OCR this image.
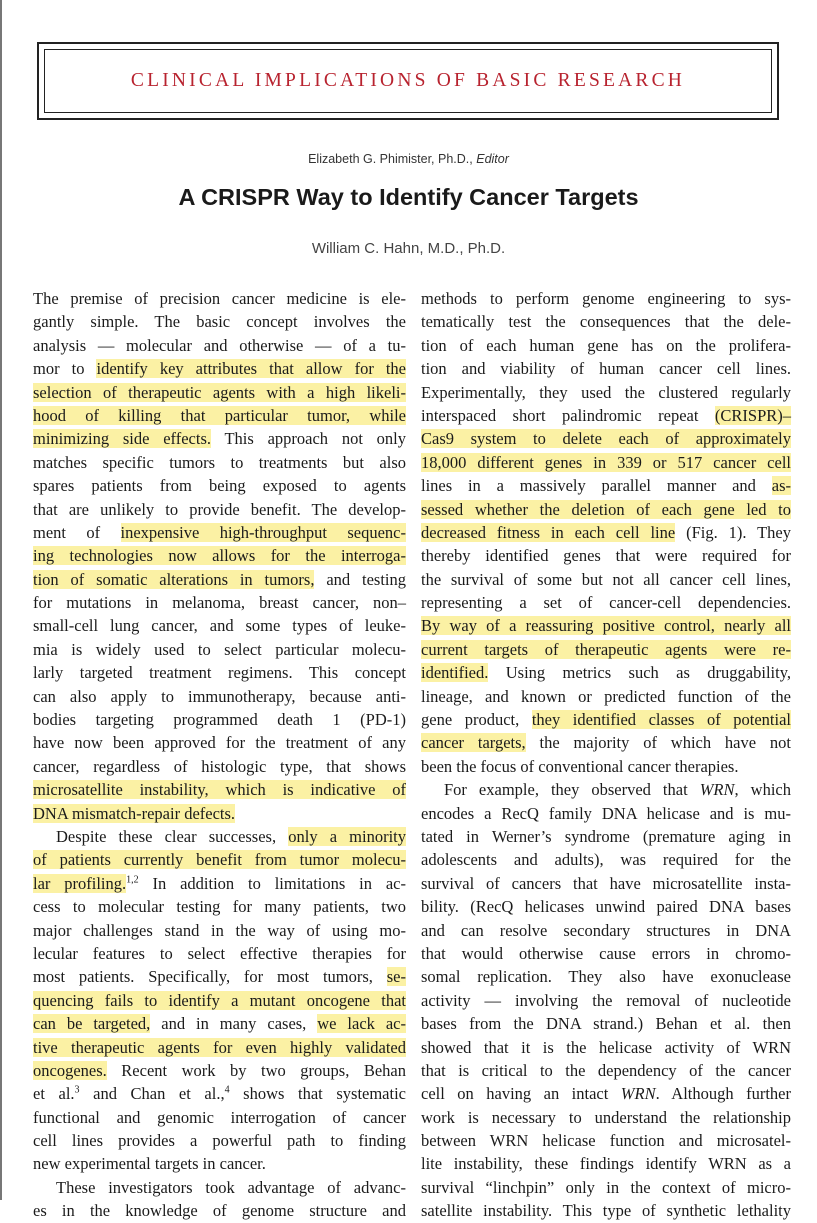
CLINICAL IMPLICATIONS OF BASIC RESEARCH
Elizabeth G. Phimister, Ph.D., Editor
A CRISPR Way to Identify Cancer Targets
William C. Hahn, M.D., Ph.D.
The premise of precision cancer medicine is ele-
gantly simple. The basic concept involves the
analysis — molecular and otherwise — of a tu-
mor to identify key attributes that allow for the
selection of therapeutic agents with a high likeli-
hood of killing that particular tumor, while
minimizing side effects. This approach not only
matches specific tumors to treatments but also
spares patients from being exposed to agents
that are unlikely to provide benefit. The develop-
ment of inexpensive high-throughput sequenc-
ing technologies now allows for the interroga-
tion of somatic alterations in tumors, and testing
for mutations in melanoma, breast cancer, non–
small-cell lung cancer, and some types of leuke-
mia is widely used to select particular molecu-
larly targeted treatment regimens. This concept
can also apply to immunotherapy, because anti-
bodies targeting programmed death 1 (PD-1)
have now been approved for the treatment of any
cancer, regardless of histologic type, that shows
microsatellite instability, which is indicative of
DNA mismatch-repair defects.
Despite these clear successes, only a minority
of patients currently benefit from tumor molecu-
lar profiling.$^{1,2}$ In addition to limitations in ac-
cess to molecular testing for many patients, two
major challenges stand in the way of using mo-
lecular features to select effective therapies for
most patients. Specifically, for most tumors, se-
quencing fails to identify a mutant oncogene that
can be targeted, and in many cases, we lack ac-
tive therapeutic agents for even highly validated
oncogenes. Recent work by two groups, Behan
et al.$^3$ and Chan et al.,$^4$ shows that systematic
functional and genomic interrogation of cancer
cell lines provides a powerful path to finding
new experimental targets in cancer.
These investigators took advantage of advanc-
es in the knowledge of genome structure and
methods to perform genome engineering to sys-
tematically test the consequences that the dele-
tion of each human gene has on the prolifera-
tion and viability of human cancer cell lines.
Experimentally, they used the clustered regularly
interspaced short palindromic repeat (CRISPR)–
Cas9 system to delete each of approximately
18,000 different genes in 339 or 517 cancer cell
lines in a massively parallel manner and as-
sessed whether the deletion of each gene led to
decreased fitness in each cell line (Fig. 1). They
thereby identified genes that were required for
the survival of some but not all cancer cell lines,
representing a set of cancer-cell dependencies.
By way of a reassuring positive control, nearly all
current targets of therapeutic agents were re-
identified. Using metrics such as druggability,
lineage, and known or predicted function of the
gene product, they identified classes of potential
cancer targets, the majority of which have not
been the focus of conventional cancer therapies.
For example, they observed that WRN, which
encodes a RecQ family DNA helicase and is mu-
tated in Werner’s syndrome (premature aging in
adolescents and adults), was required for the
survival of cancers that have microsatellite insta-
bility. (RecQ helicases unwind paired DNA bases
and can resolve secondary structures in DNA
that would otherwise cause errors in chromo-
somal replication. They also have exonuclease
activity — involving the removal of nucleotide
bases from the DNA strand.) Behan et al. then
showed that it is the helicase activity of WRN
that is critical to the dependency of the cancer
cell on having an intact WRN. Although further
work is necessary to understand the relationship
between WRN helicase function and microsatel-
lite instability, these findings identify WRN as a
survival “linchpin” only in the context of micro-
satellite instability. This type of synthetic lethality
